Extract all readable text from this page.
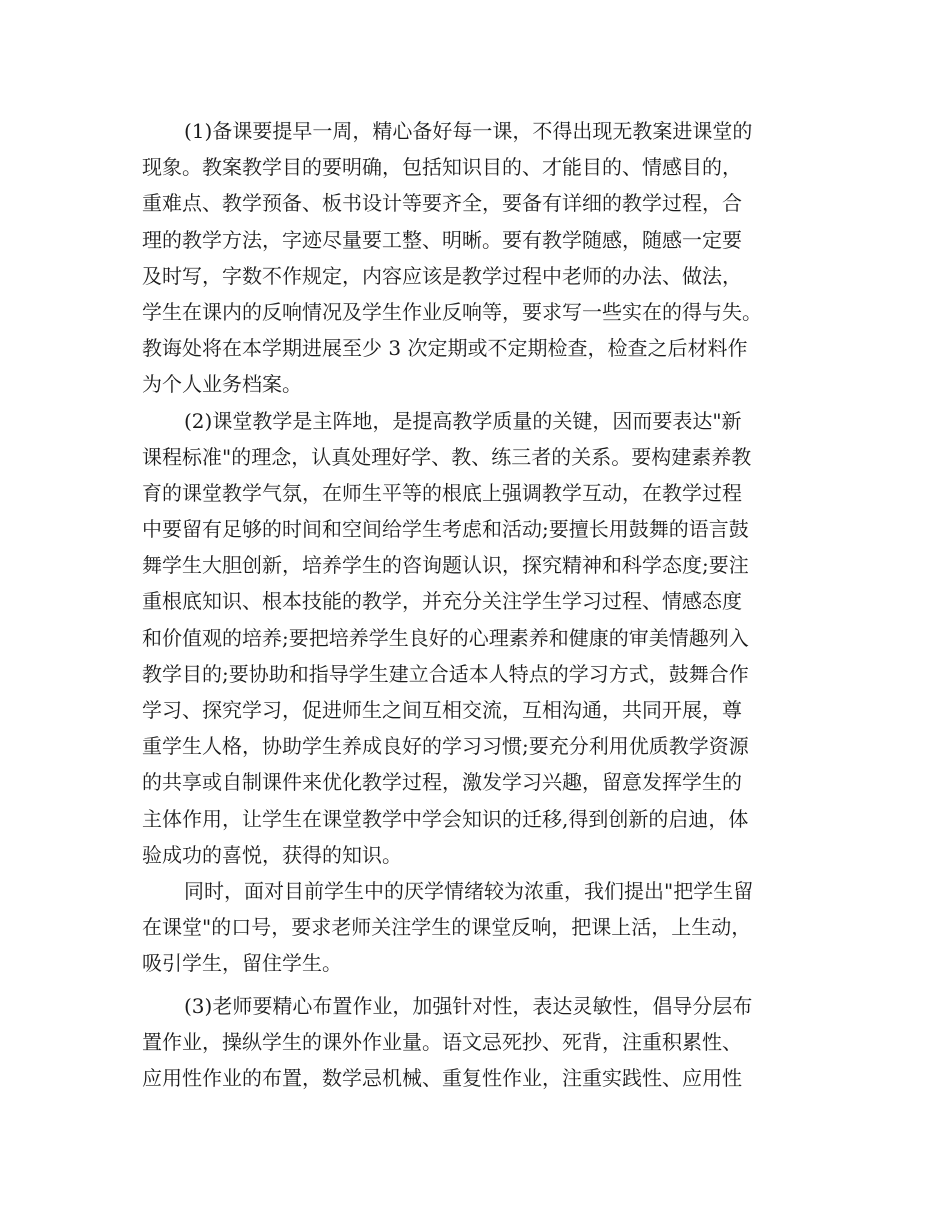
(1)备课要提早一周，精心备好每一课，不得出现无教案进课堂的
现象。教案教学目的要明确，包括知识目的、才能目的、情感目的，
重难点、教学预备、板书设计等要齐全，要备有详细的教学过程，合
理的教学方法，字迹尽量要工整、明晰。要有教学随感，随感一定要
及时写，字数不作规定，内容应该是教学过程中老师的办法、做法，
学生在课内的反响情况及学生作业反响等，要求写一些实在的得与失。
教诲处将在本学期进展至少 3 次定期或不定期检查，检查之后材料作
为个人业务档案。
(2)课堂教学是主阵地，是提高教学质量的关键，因而要表达"新
课程标准"的理念，认真处理好学、教、练三者的关系。要构建素养教
育的课堂教学气氛，在师生平等的根底上强调教学互动，在教学过程
中要留有足够的时间和空间给学生考虑和活动;要擅长用鼓舞的语言鼓
舞学生大胆创新，培养学生的咨询题认识，探究精神和科学态度;要注
重根底知识、根本技能的教学，并充分关注学生学习过程、情感态度
和价值观的培养;要把培养学生良好的心理素养和健康的审美情趣列入
教学目的;要协助和指导学生建立合适本人特点的学习方式，鼓舞合作
学习、探究学习，促进师生之间互相交流，互相沟通，共同开展，尊
重学生人格，协助学生养成良好的学习习惯;要充分利用优质教学资源
的共享或自制课件来优化教学过程，激发学习兴趣，留意发挥学生的
主体作用，让学生在课堂教学中学会知识的迁移,得到创新的启迪，体
验成功的喜悦，获得的知识。
同时，面对目前学生中的厌学情绪较为浓重，我们提出"把学生留
在课堂"的口号，要求老师关注学生的课堂反响，把课上活，上生动，
吸引学生，留住学生。
(3)老师要精心布置作业，加强针对性，表达灵敏性，倡导分层布
置作业，操纵学生的课外作业量。语文忌死抄、死背，注重积累性、
应用性作业的布置，数学忌机械、重复性作业，注重实践性、应用性
